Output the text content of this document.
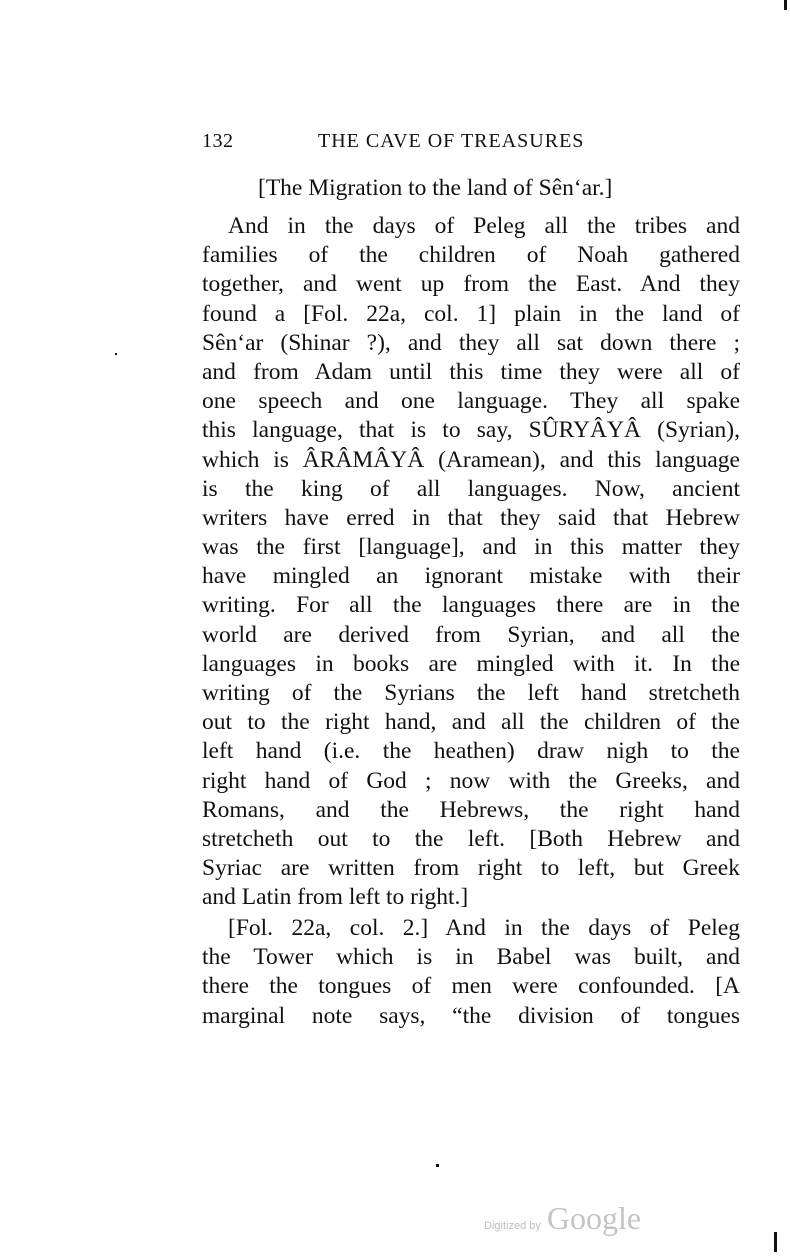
132	THE CAVE OF TREASURES
[The Migration to the land of Sên‘ar.]
And in the days of Peleg all the tribes and
families of the children of Noah gathered
together, and went up from the East. And they
found a [Fol. 22a, col. 1] plain in the land of
Sên‘ar (Shinar ?), and they all sat down there ;
and from Adam until this time they were all of
one speech and one language. They all spake
this language, that is to say, SÛRYÂYÂ (Syrian),
which is ÂRÂMÂYÂ (Aramean), and this language
is the king of all languages. Now, ancient
writers have erred in that they said that Hebrew
was the first [language], and in this matter they
have mingled an ignorant mistake with their
writing. For all the languages there are in the
world are derived from Syrian, and all the
languages in books are mingled with it. In the
writing of the Syrians the left hand stretcheth
out to the right hand, and all the children of the
left hand (i.e. the heathen) draw nigh to the
right hand of God ; now with the Greeks, and
Romans, and the Hebrews, the right hand
stretcheth out to the left. [Both Hebrew and
Syriac are written from right to left, but Greek
and Latin from left to right.]
[Fol. 22a, col. 2.] And in the days of Peleg
the Tower which is in Babel was built, and
there the tongues of men were confounded. [A
marginal note says, “the division of tongues
Digitized by Google
